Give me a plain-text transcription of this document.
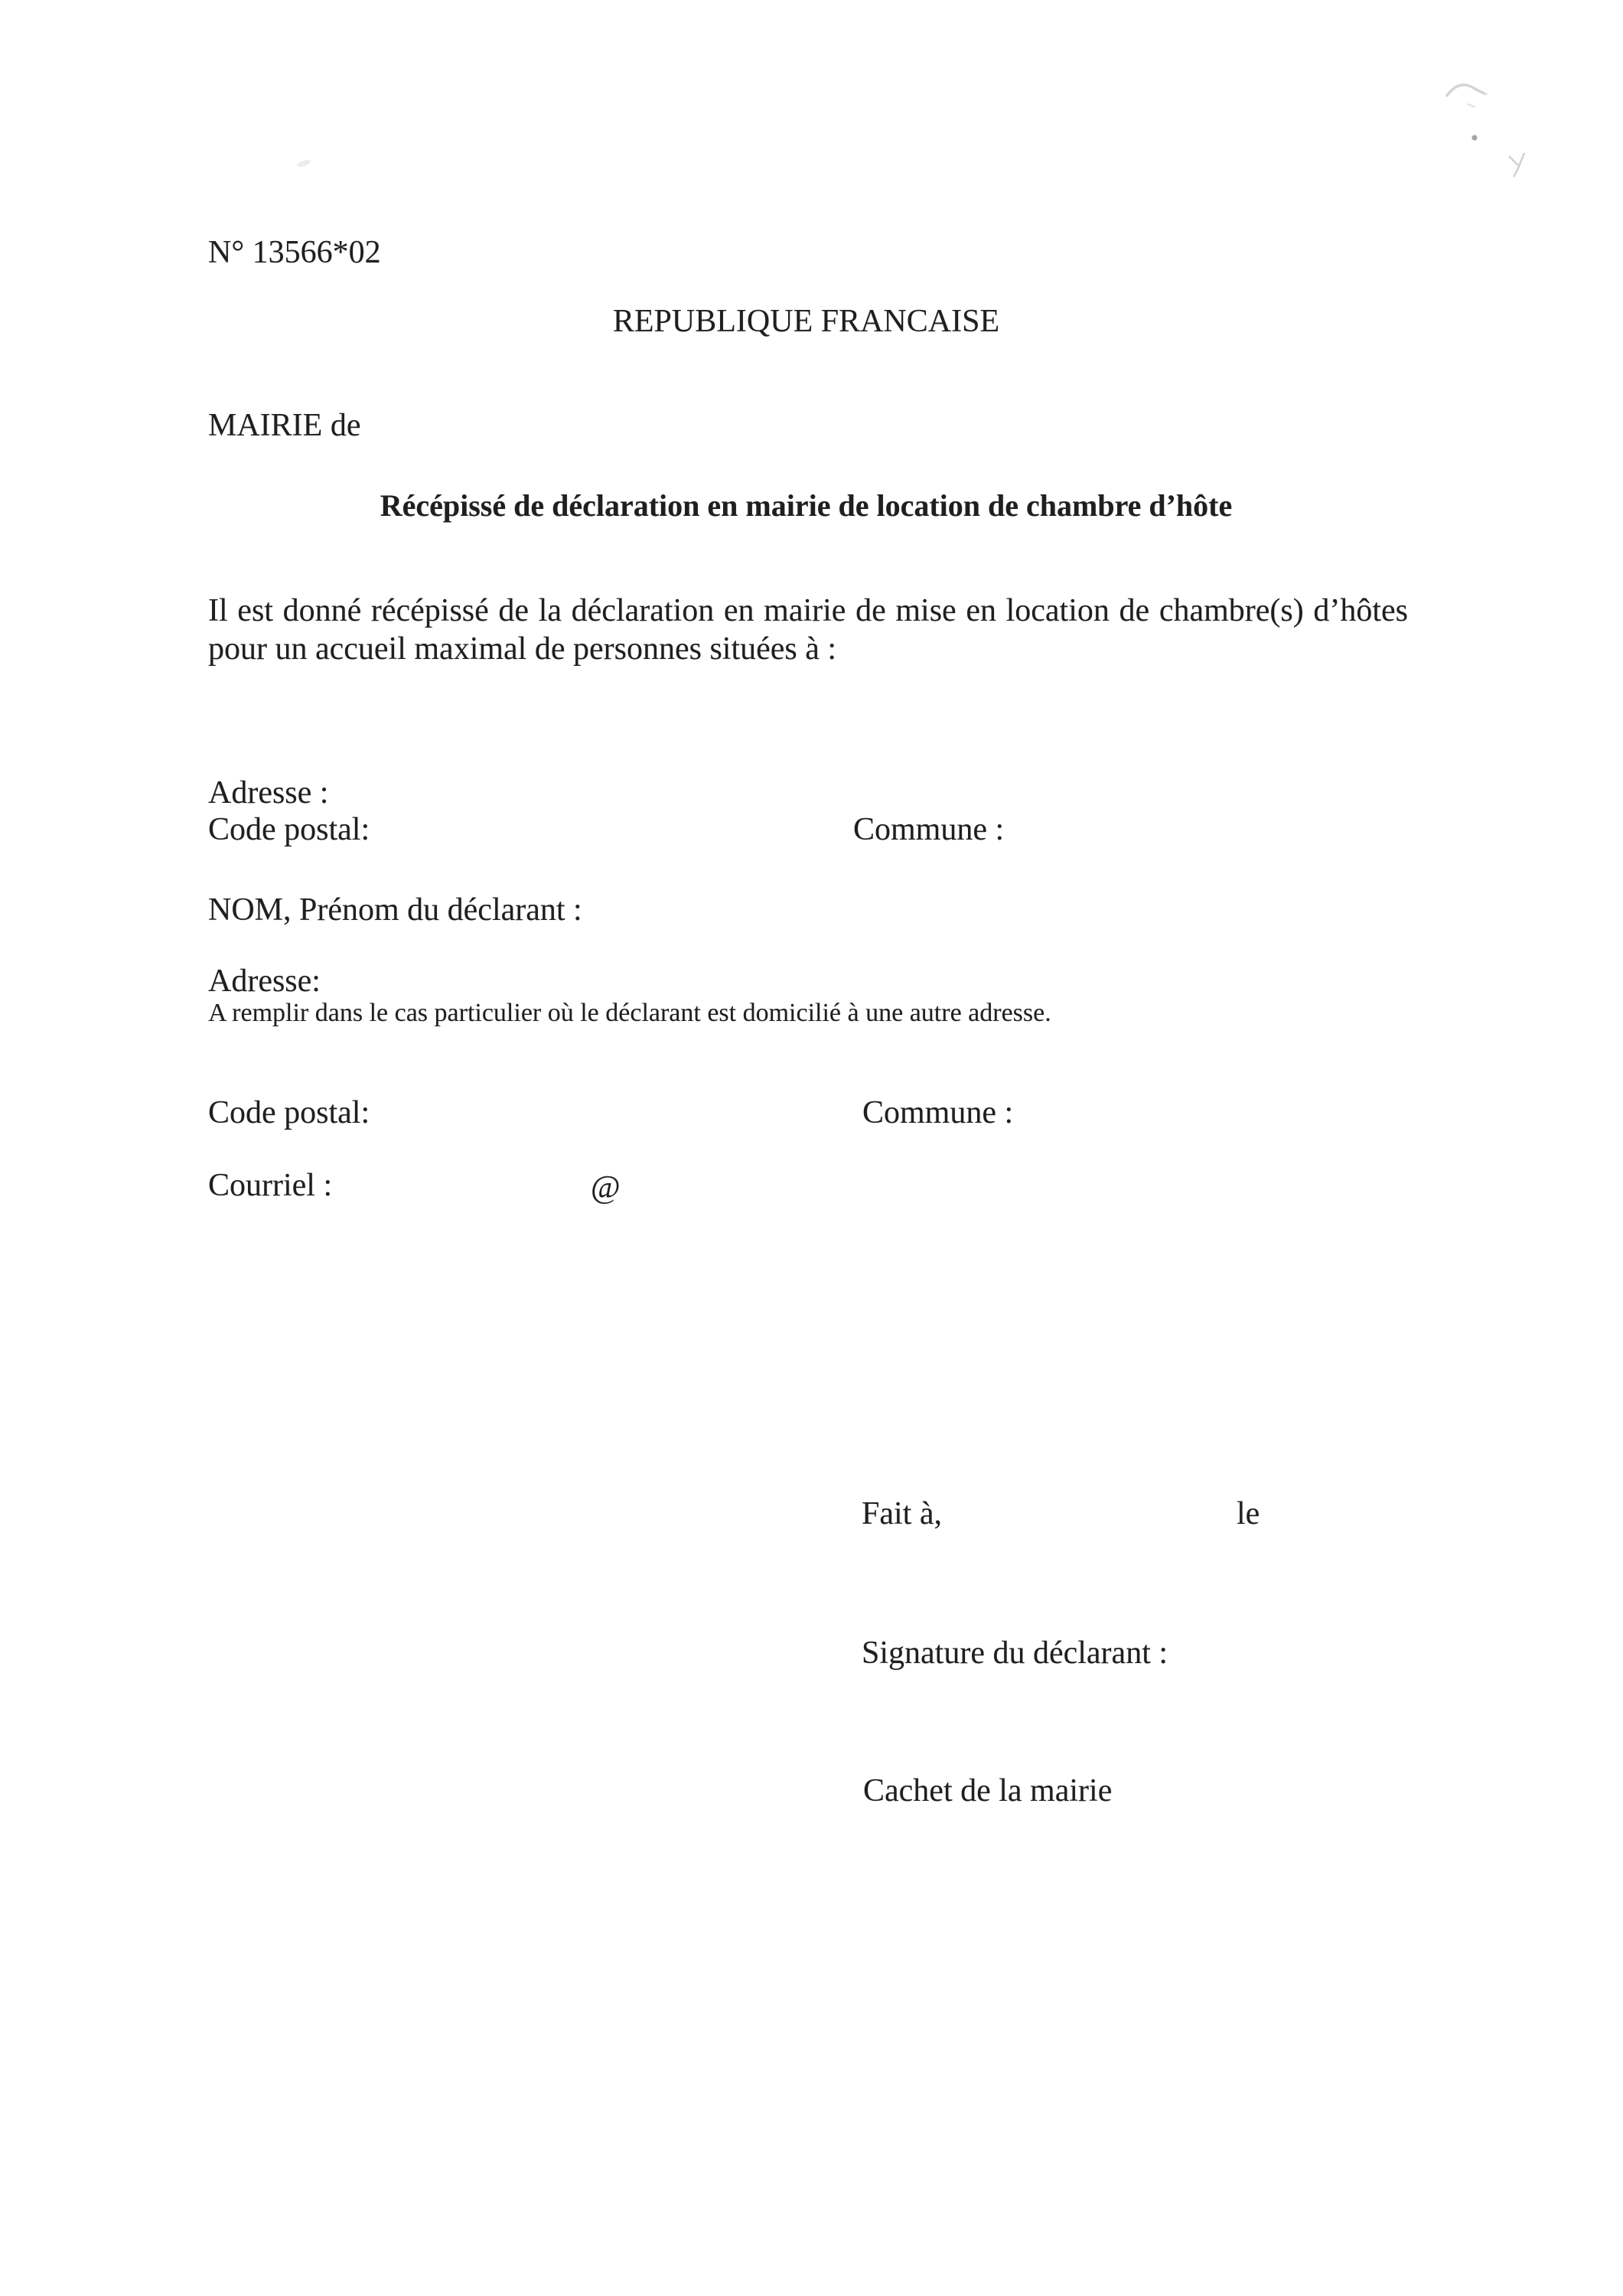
N° 13566*02
REPUBLIQUE FRANCAISE
MAIRIE de
Récépissé de déclaration en mairie de location de chambre d’hôte
Il est donné récépissé de la déclaration en mairie de mise en location de chambre(s) d’hôtes
pour un accueil maximal de personnes situées à :
Adresse :
Code postal:	Commune :
NOM, Prénom du déclarant :
Adresse:
A remplir dans le cas particulier où le déclarant est domicilié à une autre adresse.
Code postal:	Commune :
Courriel :	@
Fait à,	le
Signature du déclarant :
Cachet de la mairie
